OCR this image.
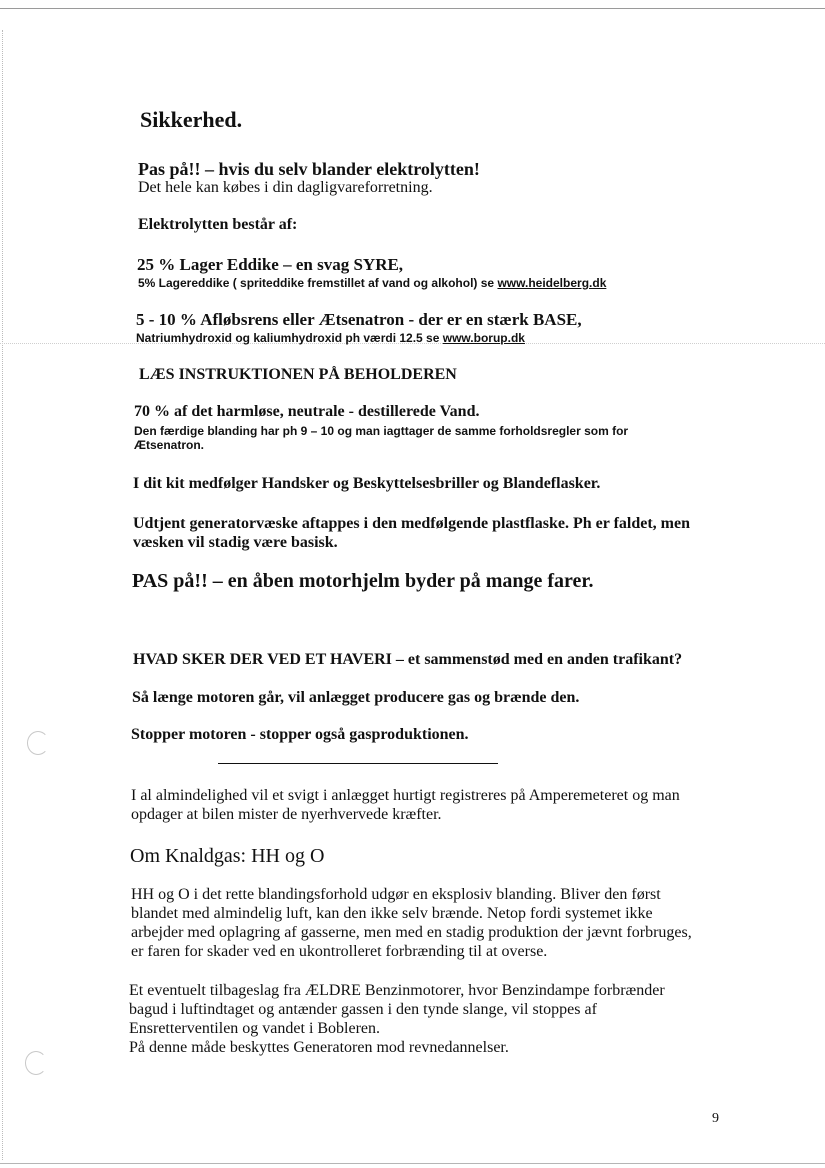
Sikkerhed.

Pas på!! – hvis du selv blander elektrolytten!

Det hele kan købes i din dagligvareforretning.

Elektrolytten består af:

25 % Lager Eddike – en svag SYRE,

5% Lagereddike ( spriteddike fremstillet af vand og alkohol) se www.heidelberg.dk

5 - 10 % Afløbsrens eller Ætsenatron - der er en stærk BASE,

Natriumhydroxid og kaliumhydroxid ph værdi 12.5 se www.borup.dk

LÆS INSTRUKTIONEN PÅ BEHOLDEREN

70 % af det harmløse, neutrale - destillerede Vand.

Den færdige blanding har ph 9 – 10 og man iagttager de samme forholdsregler som for

Ætsenatron.

I dit kit medfølger Handsker og Beskyttelsesbriller og Blandeflasker.

Udtjent generatorvæske aftappes i den medfølgende plastflaske. Ph er faldet, men
væsken vil stadig være basisk.

PAS på!! – en åben motorhjelm byder på mange farer.

HVAD SKER DER VED ET HAVERI – et sammenstød med en anden trafikant?

Så længe motoren går, vil anlægget producere gas og brænde den.

Stopper motoren - stopper også gasproduktionen.

I al almindelighed vil et svigt i anlægget hurtigt registreres på Amperemeteret og man
opdager at bilen mister de nyerhvervede kræfter.

Om Knaldgas: HH og O

HH og O i det rette blandingsforhold udgør en eksplosiv blanding. Bliver den først
blandet med almindelig luft, kan den ikke selv brænde. Netop fordi systemet ikke
arbejder med oplagring af gasserne, men med en stadig produktion der jævnt forbruges,
er faren for skader ved en ukontrolleret forbrænding til at overse.
Et eventuelt tilbageslag fra ÆLDRE Benzinmotorer, hvor Benzindampe forbrænder
bagud i luftindtaget og antænder gassen i den tynde slange, vil stoppes af
Ensretterventilen og vandet i Bobleren.
På denne måde beskyttes Generatoren mod revnedannelser.

9
